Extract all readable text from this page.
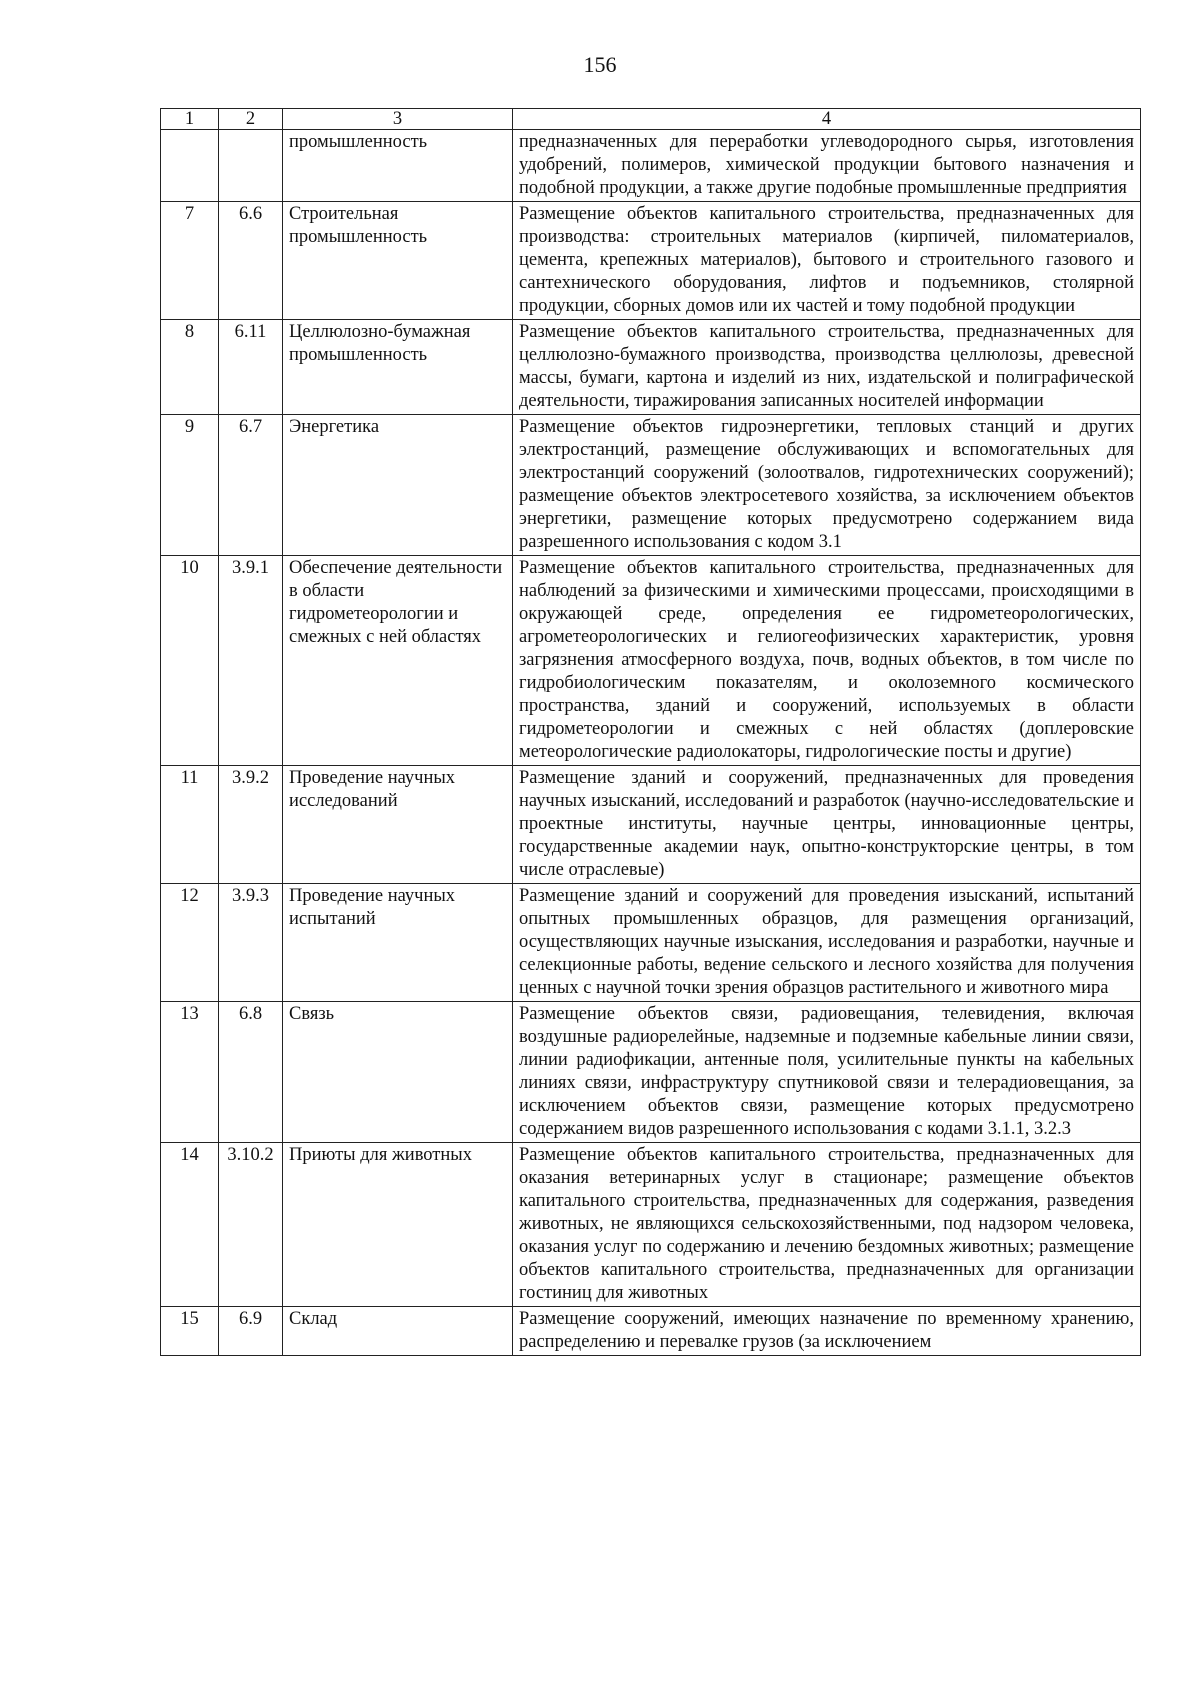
156
1	2	3	4
		промышленность	предназначенных для переработки углеводородного сырья, изготовления удобрений, полимеров, химической продукции бытового назначения и подобной продукции, а также другие подобные промышленные предприятия
7	6.6	Строительная промышленность	Размещение объектов капитального строительства, предназначенных для производства: строительных материалов (кирпичей, пиломатериалов, цемента, крепежных материалов), бытового и строительного газового и сантехнического оборудования, лифтов и подъемников, столярной продукции, сборных домов или их частей и тому подобной продукции
8	6.11	Целлюлозно-бумажная промышленность	Размещение объектов капитального строительства, предназначенных для целлюлозно-бумажного производства, производства целлюлозы, древесной массы, бумаги, картона и изделий из них, издательской и полиграфической деятельности, тиражирования записанных носителей информации
9	6.7	Энергетика	Размещение объектов гидроэнергетики, тепловых станций и других электростанций, размещение обслуживающих и вспомогательных для электростанций сооружений (золоотвалов, гидротехнических сооружений); размещение объектов электросетевого хозяйства, за исключением объектов энергетики, размещение которых предусмотрено содержанием вида разрешенного использования с кодом 3.1
10	3.9.1	Обеспечение деятельности в области гидрометеорологии и смежных с ней областях	Размещение объектов капитального строительства, предназначенных для наблюдений за физическими и химическими процессами, происходящими в окружающей среде, определения ее гидрометеорологических, агрометеорологических и гелиогеофизических характеристик, уровня загрязнения атмосферного воздуха, почв, водных объектов, в том числе по гидробиологическим показателям, и околоземного космического пространства, зданий и сооружений, используемых в области гидрометеорологии и смежных с ней областях (доплеровские метеорологические радиолокаторы, гидрологические посты и другие)
11	3.9.2	Проведение научных исследований	Размещение зданий и сооружений, предназначенных для проведения научных изысканий, исследований и разработок (научно-исследовательские и проектные институты, научные центры, инновационные центры, государственные академии наук, опытно-конструкторские центры, в том числе отраслевые)
12	3.9.3	Проведение научных испытаний	Размещение зданий и сооружений для проведения изысканий, испытаний опытных промышленных образцов, для размещения организаций, осуществляющих научные изыскания, исследования и разработки, научные и селекционные работы, ведение сельского и лесного хозяйства для получения ценных с научной точки зрения образцов растительного и животного мира
13	6.8	Связь	Размещение объектов связи, радиовещания, телевидения, включая воздушные радиорелейные, надземные и подземные кабельные линии связи, линии радиофикации, антенные поля, усилительные пункты на кабельных линиях связи, инфраструктуру спутниковой связи и телерадиовещания, за исключением объектов связи, размещение которых предусмотрено содержанием видов разрешенного использования с кодами 3.1.1, 3.2.3
14	3.10.2	Приюты для животных	Размещение объектов капитального строительства, предназначенных для оказания ветеринарных услуг в стационаре; размещение объектов капитального строительства, предназначенных для содержания, разведения животных, не являющихся сельскохозяйственными, под надзором человека, оказания услуг по содержанию и лечению бездомных животных; размещение объектов капитального строительства, предназначенных для организации гостиниц для животных
15	6.9	Склад	Размещение сооружений, имеющих назначение по временному хранению, распределению и перевалке грузов (за исключением
